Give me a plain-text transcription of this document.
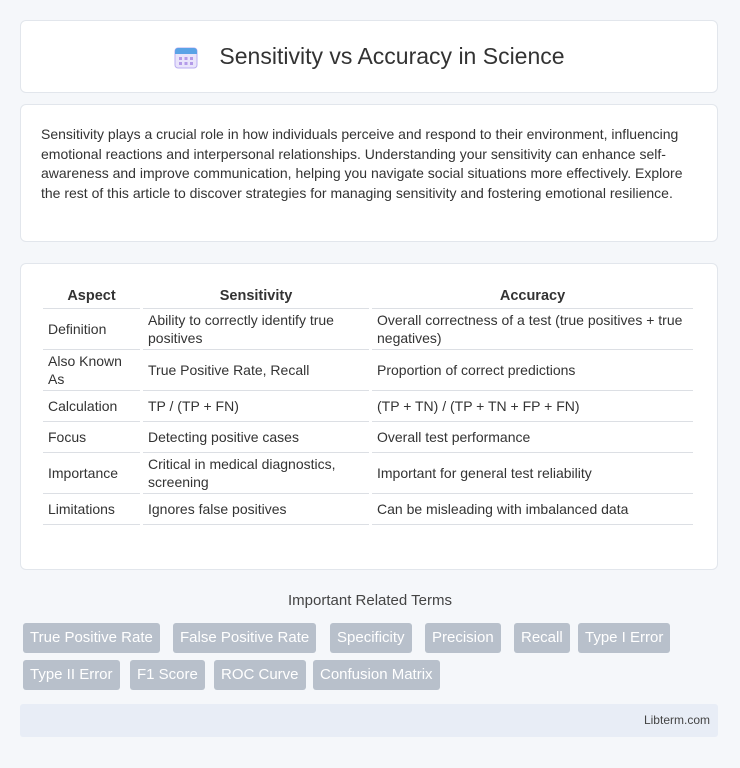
Sensitivity vs Accuracy in Science

Sensitivity plays a crucial role in how individuals perceive and respond to their environment, influencing emotional reactions and interpersonal relationships. Understanding your sensitivity can enhance self-awareness and improve communication, helping you navigate social situations more effectively. Explore the rest of this article to discover strategies for managing sensitivity and fostering emotional resilience.

Aspect	Sensitivity	Accuracy
Definition	Ability to correctly identify true positives	Overall correctness of a test (true positives + true negatives)
Also Known As	True Positive Rate, Recall	Proportion of correct predictions
Calculation	TP / (TP + FN)	(TP + TN) / (TP + TN + FP + FN)
Focus	Detecting positive cases	Overall test performance
Importance	Critical in medical diagnostics, screening	Important for general test reliability
Limitations	Ignores false positives	Can be misleading with imbalanced data
Important Related Terms
True Positive Rate	False Positive Rate	Specificity	Precision	Recall	Type I Error
Type II Error	F1 Score	ROC Curve	Confusion Matrix
Libterm.com
